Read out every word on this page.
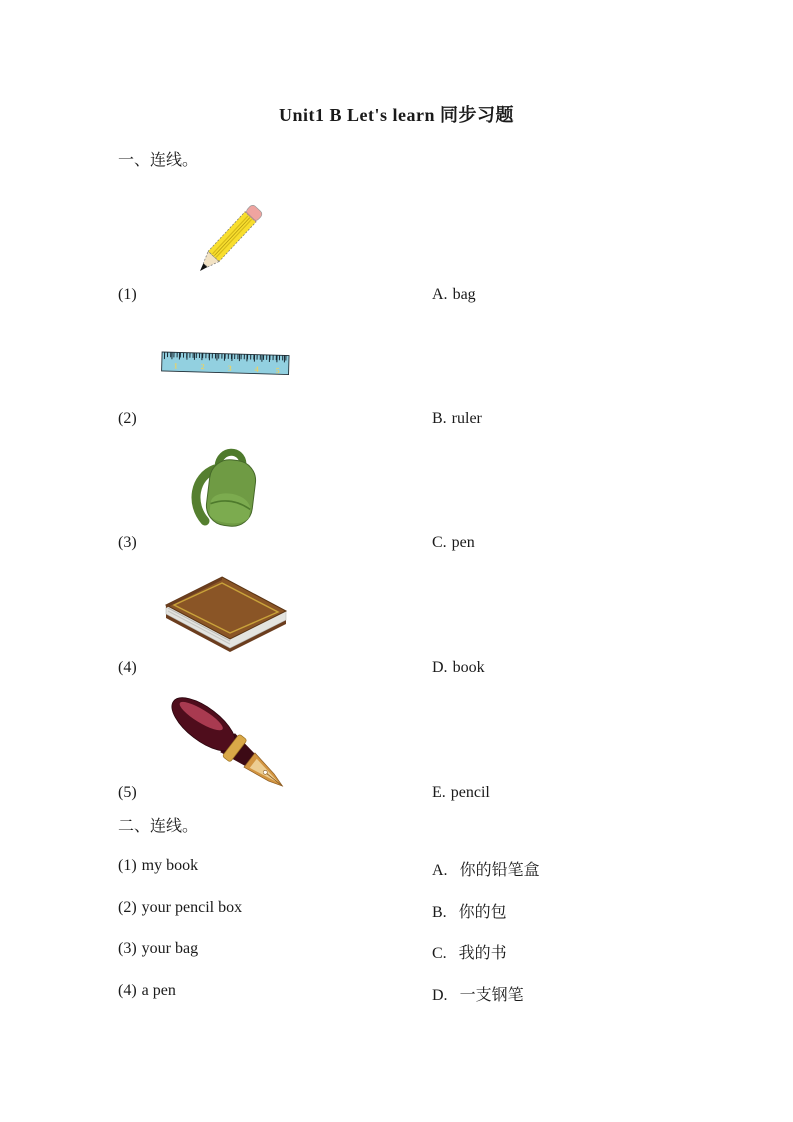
Unit1 B Let's learn 同步习题
一、连线。
(1)	A. bag
1	2	3	4 5
(2)	B. ruler
(3)	C. pen
(4)	D. book
(5)	E. pencil
二、连线。
(1) my book	A. 你的铅笔盒
(2) your pencil box	B. 你的包
(3) your bag	C. 我的书
(4) a pen	D. 一支钢笔
